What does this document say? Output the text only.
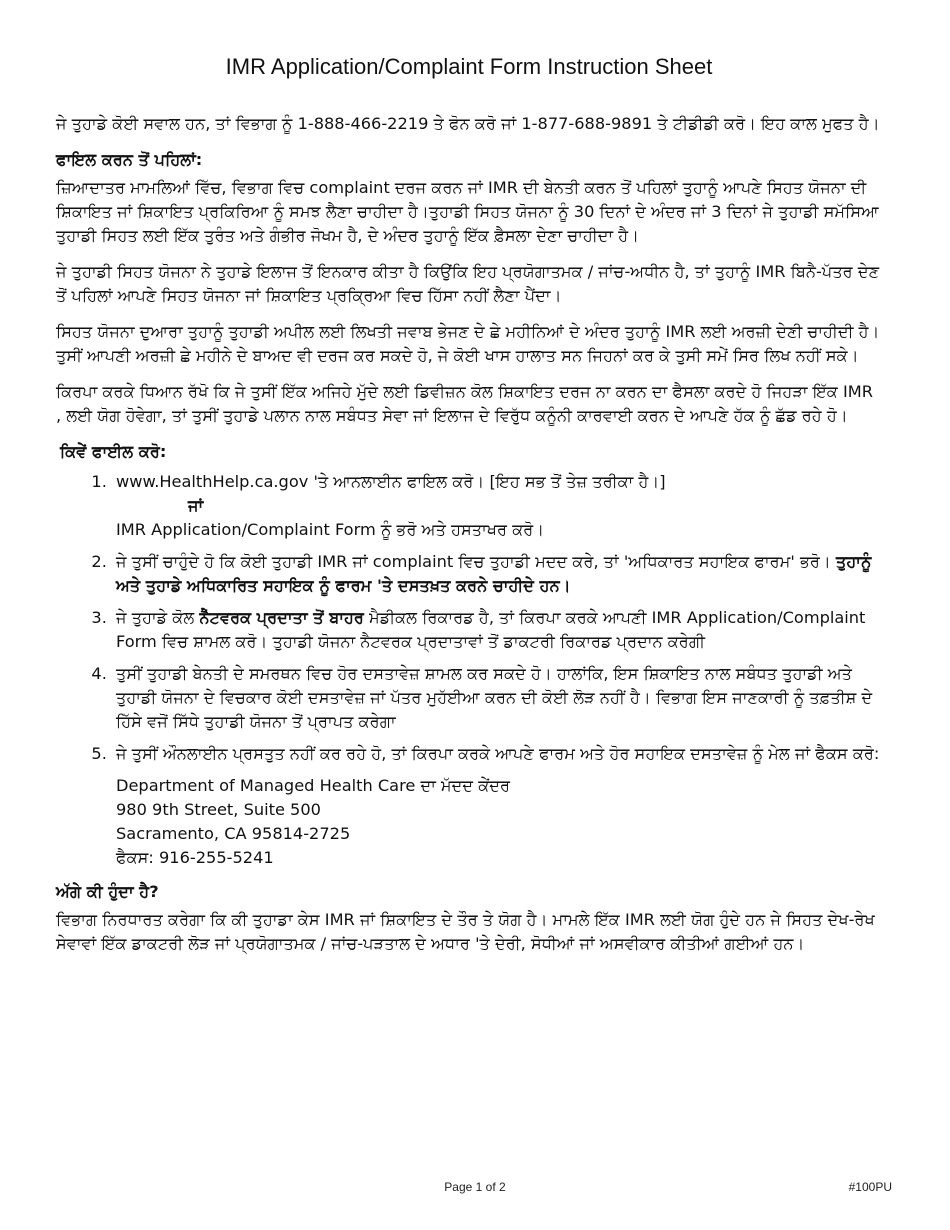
IMR Application/Complaint Form Instruction Sheet

ਜੇ ਤੁਹਾਡੇ ਕੋਈ ਸਵਾਲ ਹਨ, ਤਾਂ ਵਿਭਾਗ ਨੂੰ 1-888-466-2219 ਤੇ ਫੋਨ ਕਰੋ ਜਾਂ 1-877-688-9891 ਤੇ ਟੀਡੀਡੀ ਕਰੋ। ਇਹ ਕਾਲ ਮੁਫਤ ਹੈ।

ਫਾਇਲ ਕਰਨ ਤੋਂ ਪਹਿਲਾਂ:

ਜ਼ਿਆਦਾਤਰ ਮਾਮਲਿਆਂ ਵਿੱਚ, ਵਿਭਾਗ ਵਿਚ complaint ਦਰਜ ਕਰਨ ਜਾਂ IMR ਦੀ ਬੇਨਤੀ ਕਰਨ ਤੋਂ ਪਹਿਲਾਂ ਤੁਹਾਨੂੰ ਆਪਣੇ ਸਿਹਤ ਯੋਜਨਾ ਦੀ ਸ਼ਿਕਾਇਤ ਜਾਂ ਸ਼ਿਕਾਇਤ ਪ੍ਰਕਿਰਿਆ ਨੂੰ ਸਮਝ ਲੈਣਾ ਚਾਹੀਦਾ ਹੈ।ਤੁਹਾਡੀ ਸਿਹਤ ਯੋਜਨਾ ਨੂੰ 30 ਦਿਨਾਂ ਦੇ ਅੰਦਰ ਜਾਂ 3 ਦਿਨਾਂ ਜੇ ਤੁਹਾਡੀ ਸਮੱਸਿਆ ਤੁਹਾਡੀ ਸਿਹਤ ਲਈ ਇੱਕ ਤੁਰੰਤ ਅਤੇ ਗੰਭੀਰ ਜੋਖਮ ਹੈ, ਦੇ ਅੰਦਰ ਤੁਹਾਨੂੰ ਇੱਕ ਫ਼ੈਸਲਾ ਦੇਣਾ ਚਾਹੀਦਾ ਹੈ।

ਜੇ ਤੁਹਾਡੀ ਸਿਹਤ ਯੋਜਨਾ ਨੇ ਤੁਹਾਡੇ ਇਲਾਜ ਤੋਂ ਇਨਕਾਰ ਕੀਤਾ ਹੈ ਕਿਉਂਕਿ ਇਹ ਪ੍ਰਯੋਗਾਤਮਕ / ਜਾਂਚ-ਅਧੀਨ ਹੈ, ਤਾਂ ਤੁਹਾਨੂੰ IMR ਬਿਨੈ-ਪੱਤਰ ਦੇਣ ਤੋਂ ਪਹਿਲਾਂ ਆਪਣੇ ਸਿਹਤ ਯੋਜਨਾ ਜਾਂ ਸ਼ਿਕਾਇਤ ਪ੍ਰਕ੍ਰਿਆ ਵਿਚ ਹਿੱਸਾ ਨਹੀਂ ਲੈਣਾ ਪੈਂਦਾ।

ਸਿਹਤ ਯੋਜਨਾ ਦੁਆਰਾ ਤੁਹਾਨੂੰ ਤੁਹਾਡੀ ਅਪੀਲ ਲਈ ਲਿਖਤੀ ਜਵਾਬ ਭੇਜਣ ਦੇ ਛੇ ਮਹੀਨਿਆਂ ਦੇ ਅੰਦਰ ਤੁਹਾਨੂੰ IMR ਲਈ ਅਰਜ਼ੀ ਦੇਣੀ ਚਾਹੀਦੀ ਹੈ।ਤੁਸੀਂ ਆਪਣੀ ਅਰਜ਼ੀ ਛੇ ਮਹੀਨੇ ਦੇ ਬਾਅਦ ਵੀ ਦਰਜ ਕਰ ਸਕਦੇ ਹੋ, ਜੇ ਕੋਈ ਖਾਸ ਹਾਲਾਤ ਸਨ ਜਿਹਨਾਂ ਕਰ ਕੇ ਤੁਸੀ ਸਮੇਂ ਸਿਰ ਲਿਖ ਨਹੀਂ ਸਕੇ।

ਕਿਰਪਾ ਕਰਕੇ ਧਿਆਨ ਰੱਖੋ ਕਿ ਜੇ ਤੁਸੀਂ ਇੱਕ ਅਜਿਹੇ ਮੁੱਦੇ ਲਈ ਡਿਵੀਜ਼ਨ ਕੋਲ ਸ਼ਿਕਾਇਤ ਦਰਜ ਨਾ ਕਰਨ ਦਾ ਫੈਸਲਾ ਕਰਦੇ ਹੋ ਜਿਹੜਾ ਇੱਕ IMR , ਲਈ ਯੋਗ ਹੋਵੇਗਾ, ਤਾਂ ਤੁਸੀਂ ਤੁਹਾਡੇ ਪਲਾਨ ਨਾਲ ਸਬੰਧਤ ਸੇਵਾ ਜਾਂ ਇਲਾਜ ਦੇ ਵਿਰੁੱਧ ਕਨੂੰਨੀ ਕਾਰਵਾਈ ਕਰਨ ਦੇ ਆਪਣੇ ਹੱਕ ਨੂੰ ਛੱਡ ਰਹੇ ਹੋ।

ਕਿਵੇਂ ਫਾਈਲ ਕਰੋ:
1. www.HealthHelp.ca.gov 'ਤੇ ਆਨਲਾਈਨ ਫਾਇਲ ਕਰੋ। [ਇਹ ਸਭ ਤੋਂ ਤੇਜ਼ ਤਰੀਕਾ ਹੈ।]
ਜਾਂ
IMR Application/Complaint Form ਨੂੰ ਭਰੋ ਅਤੇ ਹਸਤਾਖਰ ਕਰੋ।
2. ਜੇ ਤੁਸੀਂ ਚਾਹੁੰਦੇ ਹੋ ਕਿ ਕੋਈ ਤੁਹਾਡੀ IMR ਜਾਂ complaint ਵਿਚ ਤੁਹਾਡੀ ਮਦਦ ਕਰੇ, ਤਾਂ 'ਅਧਿਕਾਰਤ ਸਹਾਇਕ ਫਾਰਮ' ਭਰੋ। ਤੁਹਾਨੂੰ ਅਤੇ ਤੁਹਾਡੇ ਅਧਿਕਾਰਿਤ ਸਹਾਇਕ ਨੂੰ ਫਾਰਮ 'ਤੇ ਦਸਤਖ਼ਤ ਕਰਨੇ ਚਾਹੀਦੇ ਹਨ।
3. ਜੇ ਤੁਹਾਡੇ ਕੋਲ ਨੈੱਟਵਰਕ ਪ੍ਰਦਾਤਾ ਤੋਂ ਬਾਹਰ ਮੈਡੀਕਲ ਰਿਕਾਰਡ ਹੈ, ਤਾਂ ਕਿਰਪਾ ਕਰਕੇ ਆਪਣੀ IMR Application/Complaint Form ਵਿਚ ਸ਼ਾਮਲ ਕਰੋ। ਤੁਹਾਡੀ ਯੋਜਨਾ ਨੈਟਵਰਕ ਪ੍ਰਦਾਤਾਵਾਂ ਤੋਂ ਡਾਕਟਰੀ ਰਿਕਾਰਡ ਪ੍ਰਦਾਨ ਕਰੇਗੀ
4. ਤੁਸੀਂ ਤੁਹਾਡੀ ਬੇਨਤੀ ਦੇ ਸਮਰਥਨ ਵਿਚ ਹੋਰ ਦਸਤਾਵੇਜ਼ ਸ਼ਾਮਲ ਕਰ ਸਕਦੇ ਹੋ। ਹਾਲਾਂਕਿ, ਇਸ ਸ਼ਿਕਾਇਤ ਨਾਲ ਸਬੰਧਤ ਤੁਹਾਡੀ ਅਤੇ ਤੁਹਾਡੀ ਯੋਜਨਾ ਦੇ ਵਿਚਕਾਰ ਕੋਈ ਦਸਤਾਵੇਜ਼ ਜਾਂ ਪੱਤਰ ਮੁਹੱਈਆ ਕਰਨ ਦੀ ਕੋਈ ਲੋੜ ਨਹੀਂ ਹੈ। ਵਿਭਾਗ ਇਸ ਜਾਣਕਾਰੀ ਨੂੰ ਤਫ਼ਤੀਸ਼ ਦੇ ਹਿੱਸੇ ਵਜੋਂ ਸਿੱਧੇ ਤੁਹਾਡੀ ਯੋਜਨਾ ਤੋਂ ਪ੍ਰਾਪਤ ਕਰੇਗਾ
5. ਜੇ ਤੁਸੀਂ ਔਨਲਾਈਨ ਪ੍ਰਸਤੁਤ ਨਹੀਂ ਕਰ ਰਹੇ ਹੋ, ਤਾਂ ਕਿਰਪਾ ਕਰਕੇ ਆਪਣੇ ਫਾਰਮ ਅਤੇ ਹੋਰ ਸਹਾਇਕ ਦਸਤਾਵੇਜ਼ ਨੂੰ ਮੇਲ ਜਾਂ ਫੈਕਸ ਕਰੋ:
Department of Managed Health Care ਦਾ ਮੱਦਦ ਕੇਂਦਰ
980 9th Street, Suite 500
Sacramento, CA 95814-2725
ਫੈਕਸ: 916-255-5241
ਅੱਗੇ ਕੀ ਹੁੰਦਾ ਹੈ?

ਵਿਭਾਗ ਨਿਰਧਾਰਤ ਕਰੇਗਾ ਕਿ ਕੀ ਤੁਹਾਡਾ ਕੇਸ IMR ਜਾਂ ਸ਼ਿਕਾਇਤ ਦੇ ਤੌਰ ਤੇ ਯੋਗ ਹੈ। ਮਾਮਲੇ ਇੱਕ IMR ਲਈ ਯੋਗ ਹੁੰਦੇ ਹਨ ਜੇ ਸਿਹਤ ਦੇਖ-ਰੇਖ ਸੇਵਾਵਾਂ ਇੱਕ ਡਾਕਟਰੀ ਲੋੜ ਜਾਂ ਪ੍ਰਯੋਗਾਤਮਕ / ਜਾਂਚ-ਪੜਤਾਲ ਦੇ ਅਧਾਰ 'ਤੇ ਦੇਰੀ, ਸੋਧੀਆਂ ਜਾਂ ਅਸਵੀਕਾਰ ਕੀਤੀਆਂ ਗਈਆਂ ਹਨ।

Page 1 of 2	#100PU
